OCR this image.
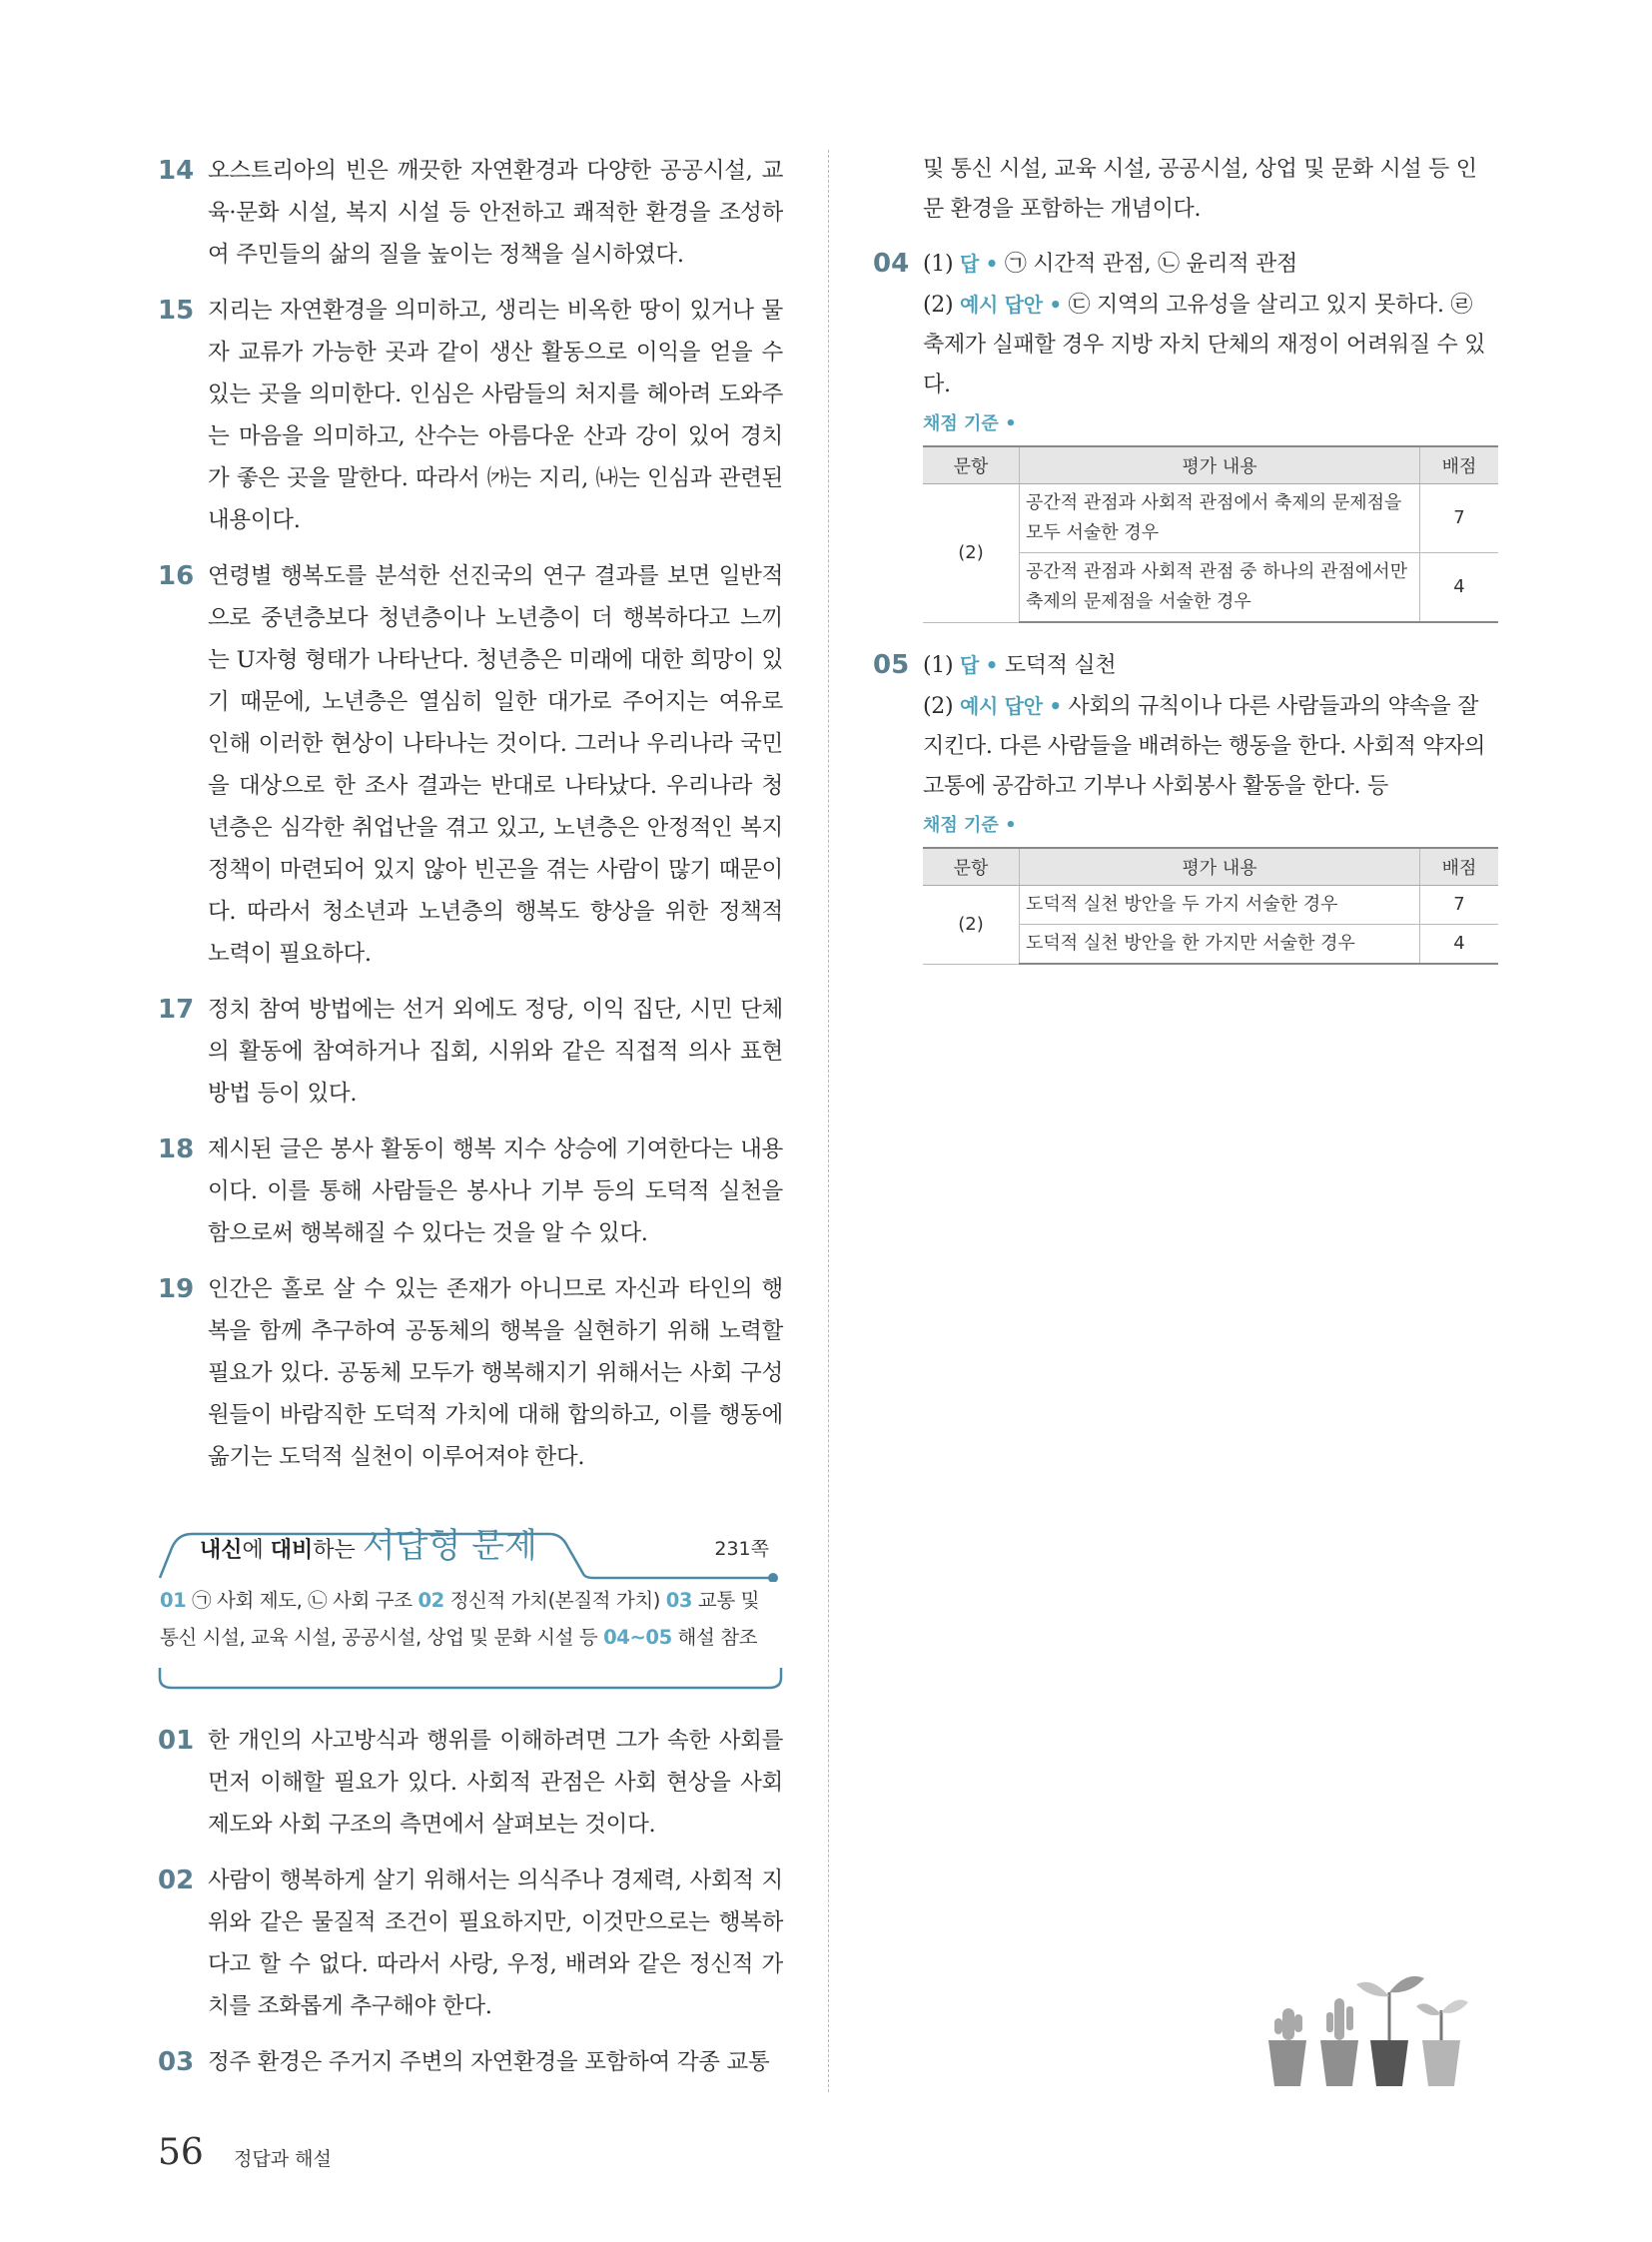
14 오스트리아의 빈은 깨끗한 자연환경과 다양한 공공시설, 교육·문화 시설, 복지 시설 등 안전하고 쾌적한 환경을 조성하여 주민들의 삶의 질을 높이는 정책을 실시하였다.
15 지리는 자연환경을 의미하고, 생리는 비옥한 땅이 있거나 물자 교류가 가능한 곳과 같이 생산 활동으로 이익을 얻을 수 있는 곳을 의미한다. 인심은 사람들의 처지를 헤아려 도와주는 마음을 의미하고, 산수는 아름다운 산과 강이 있어 경치가 좋은 곳을 말한다. 따라서 ㈎는 지리, ㈏는 인심과 관련된 내용이다.
16 연령별 행복도를 분석한 선진국의 연구 결과를 보면 일반적으로 중년층보다 청년층이나 노년층이 더 행복하다고 느끼는 U자형 형태가 나타난다. 청년층은 미래에 대한 희망이 있기 때문에, 노년층은 열심히 일한 대가로 주어지는 여유로 인해 이러한 현상이 나타나는 것이다. 그러나 우리나라 국민을 대상으로 한 조사 결과는 반대로 나타났다. 우리나라 청년층은 심각한 취업난을 겪고 있고, 노년층은 안정적인 복지 정책이 마련되어 있지 않아 빈곤을 겪는 사람이 많기 때문이다. 따라서 청소년과 노년층의 행복도 향상을 위한 정책적 노력이 필요하다.
17 정치 참여 방법에는 선거 외에도 정당, 이익 집단, 시민 단체의 활동에 참여하거나 집회, 시위와 같은 직접적 의사 표현 방법 등이 있다.
18 제시된 글은 봉사 활동이 행복 지수 상승에 기여한다는 내용이다. 이를 통해 사람들은 봉사나 기부 등의 도덕적 실천을 함으로써 행복해질 수 있다는 것을 알 수 있다.
19 인간은 홀로 살 수 있는 존재가 아니므로 자신과 타인의 행복을 함께 추구하여 공동체의 행복을 실현하기 위해 노력할 필요가 있다. 공동체 모두가 행복해지기 위해서는 사회 구성원들이 바람직한 도덕적 가치에 대해 합의하고, 이를 행동에 옮기는 도덕적 실천이 이루어져야 한다.
내신에 대비하는 서답형 문제	231쪽
01 ㉠ 사회 제도, ㉡ 사회 구조 02 정신적 가치(본질적 가치) 03 교통 및 통신 시설, 교육 시설, 공공시설, 상업 및 문화 시설 등 04~05 해설 참조
01 한 개인의 사고방식과 행위를 이해하려면 그가 속한 사회를 먼저 이해할 필요가 있다. 사회적 관점은 사회 현상을 사회 제도와 사회 구조의 측면에서 살펴보는 것이다.
02 사람이 행복하게 살기 위해서는 의식주나 경제력, 사회적 지위와 같은 물질적 조건이 필요하지만, 이것만으로는 행복하다고 할 수 없다. 따라서 사랑, 우정, 배려와 같은 정신적 가치를 조화롭게 추구해야 한다.
03 정주 환경은 주거지 주변의 자연환경을 포함하여 각종 교통
및 통신 시설, 교육 시설, 공공시설, 상업 및 문화 시설 등 인문 환경을 포함하는 개념이다.
04 (1) 답 • ㉠ 시간적 관점, ㉡ 윤리적 관점
(2) 예시 답안 • ㉢ 지역의 고유성을 살리고 있지 못하다. ㉣ 축제가 실패할 경우 지방 자치 단체의 재정이 어려워질 수 있다.
채점 기준 •
문항	평가 내용	배점
(2)	공간적 관점과 사회적 관점에서 축제의 문제점을 모두 서술한 경우	7
	공간적 관점과 사회적 관점 중 하나의 관점에서만 축제의 문제점을 서술한 경우	4
05 (1) 답 • 도덕적 실천
(2) 예시 답안 • 사회의 규칙이나 다른 사람들과의 약속을 잘 지킨다. 다른 사람들을 배려하는 행동을 한다. 사회적 약자의 고통에 공감하고 기부나 사회봉사 활동을 한다. 등
채점 기준 •
문항	평가 내용	배점
(2)	도덕적 실천 방안을 두 가지 서술한 경우	7
	도덕적 실천 방안을 한 가지만 서술한 경우	4
56 정답과 해설
